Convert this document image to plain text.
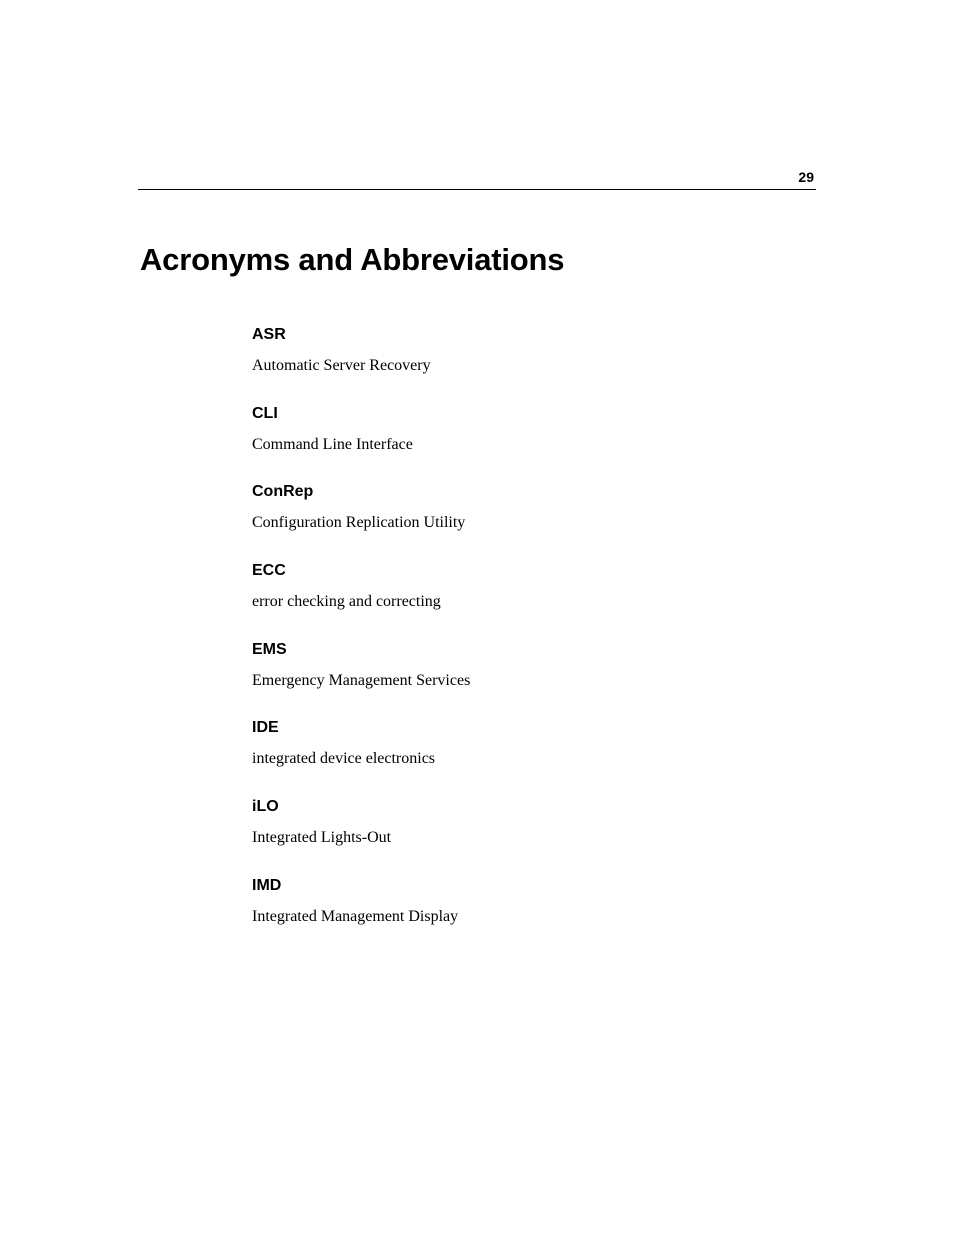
29
Acronyms and Abbreviations

ASR

Automatic Server Recovery

CLI

Command Line Interface

ConRep

Configuration Replication Utility

ECC

error checking and correcting

EMS

Emergency Management Services

IDE

integrated device electronics

iLO

Integrated Lights-Out

IMD

Integrated Management Display
